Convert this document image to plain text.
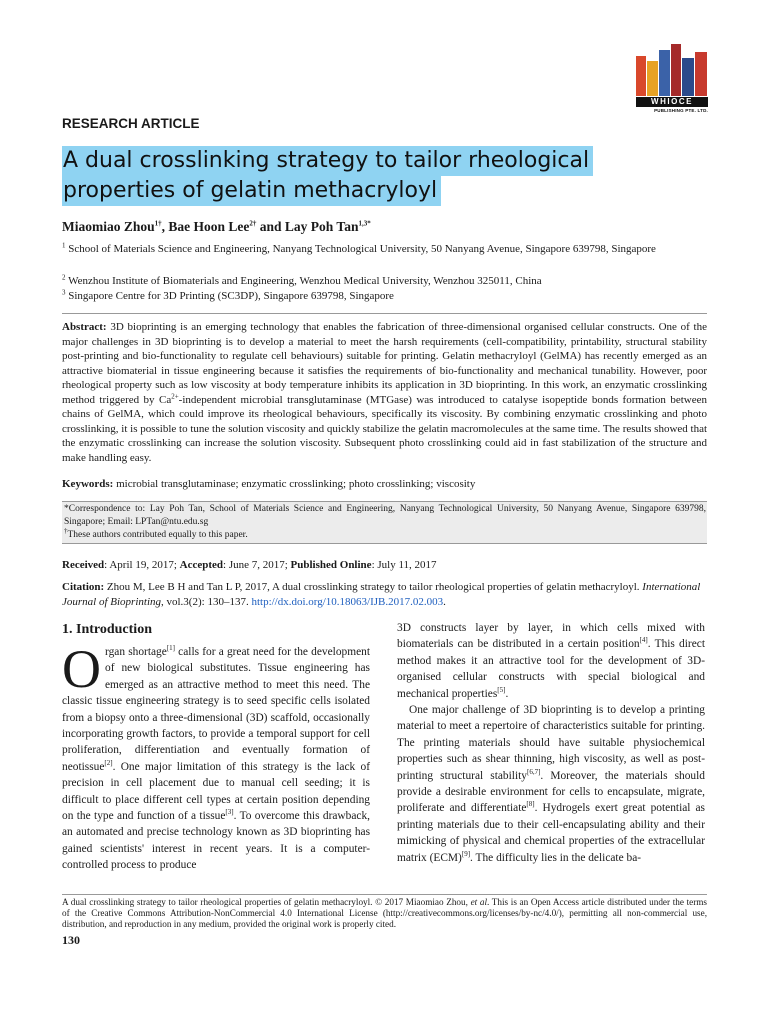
WHIOCE
PUBLISHING PTE. LTD.
RESEARCH ARTICLE
A dual crosslinking strategy to tailor rheological
properties of gelatin methacryloyl
Miaomiao Zhou$^{1\dagger}$, Bae Hoon Lee$^{2\dagger}$ and Lay Poh Tan$^{1,3*}$
$^1$ School of Materials Science and Engineering, Nanyang Technological University, 50 Nanyang Avenue, Singapore 639798, Singapore
$^2$ Wenzhou Institute of Biomaterials and Engineering, Wenzhou Medical University, Wenzhou 325011, China
$^3$ Singapore Centre for 3D Printing (SC3DP), Singapore 639798, Singapore
Abstract: 3D bioprinting is an emerging technology that enables the fabrication of three-dimensional organised cellular constructs. One of the major challenges in 3D bioprinting is to develop a material to meet the harsh requirements (cell-compatibility, printability, structural stability post-printing and bio-functionality to regulate cell behaviours) suitable for printing. Gelatin methacryloyl (GelMA) has recently emerged as an attractive biomaterial in tissue engineering because it satisfies the requirements of bio-functionality and mechanical tunability. However, poor rheological property such as low viscosity at body temperature inhibits its application in 3D bioprinting. In this work, an enzymatic crosslinking method triggered by $Ca^{2+}$-independent microbial transglutaminase (MTGase) was introduced to catalyse isopeptide bonds formation between chains of GelMA, which could improve its rheological behaviours, specifically its viscosity. By combining enzymatic crosslinking and photo crosslinking, it is possible to tune the solution viscosity and quickly stabilize the gelatin macromolecules at the same time. The results showed that the enzymatic crosslinking can increase the solution viscosity. Subsequent photo crosslinking could aid in fast stabilization of the structure and make handling easy.
Keywords: microbial transglutaminase; enzymatic crosslinking; photo crosslinking; viscosity
*Correspondence to: Lay Poh Tan, School of Materials Science and Engineering, Nanyang Technological University, 50 Nanyang Avenue, Singapore 639798, Singapore; Email: LPTan@ntu.edu.sg
†These authors contributed equally to this paper.
Received: April 19, 2017; Accepted: June 7, 2017; Published Online: July 11, 2017
Citation: Zhou M, Lee B H and Tan L P, 2017, A dual crosslinking strategy to tailor rheological properties of gelatin methacryloyl. International Journal of Bioprinting, vol.3(2): 130–137. http://dx.doi.org/10.18063/IJB.2017.02.003.
1. Introduction

Organ shortage[1] calls for a great need for the development of new biological substitutes. Tissue engineering has emerged as an attractive method to meet this need. The classic tissue engineering strategy is to seed specific cells isolated from a biopsy onto a three-dimensional (3D) scaffold, occasionally incorporating growth factors, to provide a temporal support for cell proliferation, differentiation and eventually formation of neotissue[2]. One major limitation of this strategy is the lack of precision in cell placement due to manual cell seeding; it is difficult to place different cell types at certain position depending on the type and function of a tissue[3]. To overcome this drawback, an automated and precise technology known as 3D bioprinting has gained scientists' interest in recent years. It is a computer-controlled process to produce

3D constructs layer by layer, in which cells mixed with biomaterials can be distributed in a certain position[4]. This direct method makes it an attractive tool for the development of 3D-organised cellular constructs with special biological and mechanical properties[5].

One major challenge of 3D bioprinting is to develop a printing material to meet a repertoire of characteristics suitable for printing. The printing materials should have suitable physiochemical properties such as shear thinning, high viscosity, as well as post-printing structural stability[6,7]. Moreover, the materials should provide a desirable environment for cells to encapsulate, migrate, proliferate and differentiate[8]. Hydrogels exert great potential as printing materials due to their cell-encapsulating ability and their mimicking of physical and chemical properties of the extracellular matrix (ECM)[9]. The difficulty lies in the delicate ba-

A dual crosslinking strategy to tailor rheological properties of gelatin methacryloyl. © 2017 Miaomiao Zhou, et al. This is an Open Access article distributed under the terms of the Creative Commons Attribution-NonCommercial 4.0 International License (http://creativecommons.org/licenses/by-nc/4.0/), permitting all non-commercial use, distribution, and reproduction in any medium, provided the original work is properly cited.
130
